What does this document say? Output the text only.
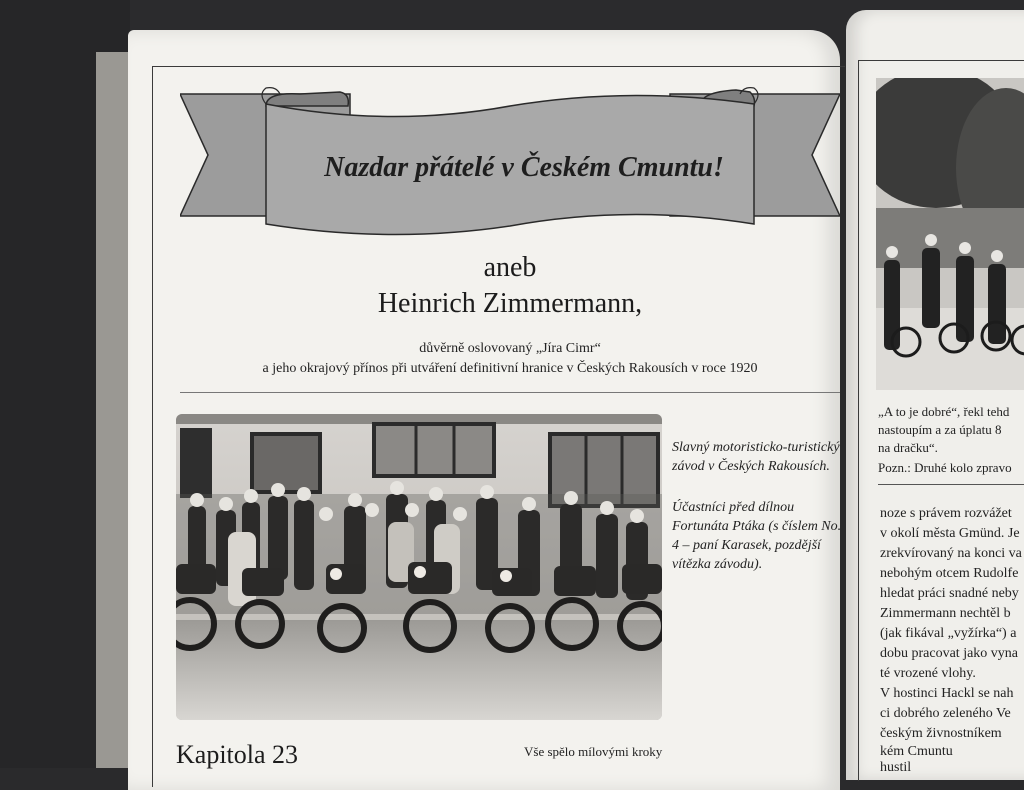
Nazdar přátelé v Českém Cmuntu!
aneb
Heinrich Zimmermann,
důvěrně oslovovaný „Jíra Cimr“
a jeho okrajový přínos při utváření definitivní hranice v Českých Rakousích v roce 1920

Slavný motoristicko-turistický závod v Českých Rakousích.

Účastníci před dílnou Fortunáta Ptáka (s číslem No. 4 – paní Karasek, pozdější vítězka závodu).

Kapitola 23	Vše spělo mílovými kroky
„A to je dobré“, řekl tehd
nastoupím a za úplatu 8
na dračku“.
Pozn.: Druhé kolo zpravo
noze s právem rozvážet
v okolí města Gmünd. Je
zrekvírovaný na konci va
nebohým otcem Rudolfe
hledat práci snadné neby
Zimmermann nechtěl b
(jak fikával „vyžírka“) a
dobu pracovat jako vyna
té vrozené vlohy.
V hostinci Hackl se nah
ci dobrého zeleného Ve
českým živnostníkem
kém Cmuntu
hustil
